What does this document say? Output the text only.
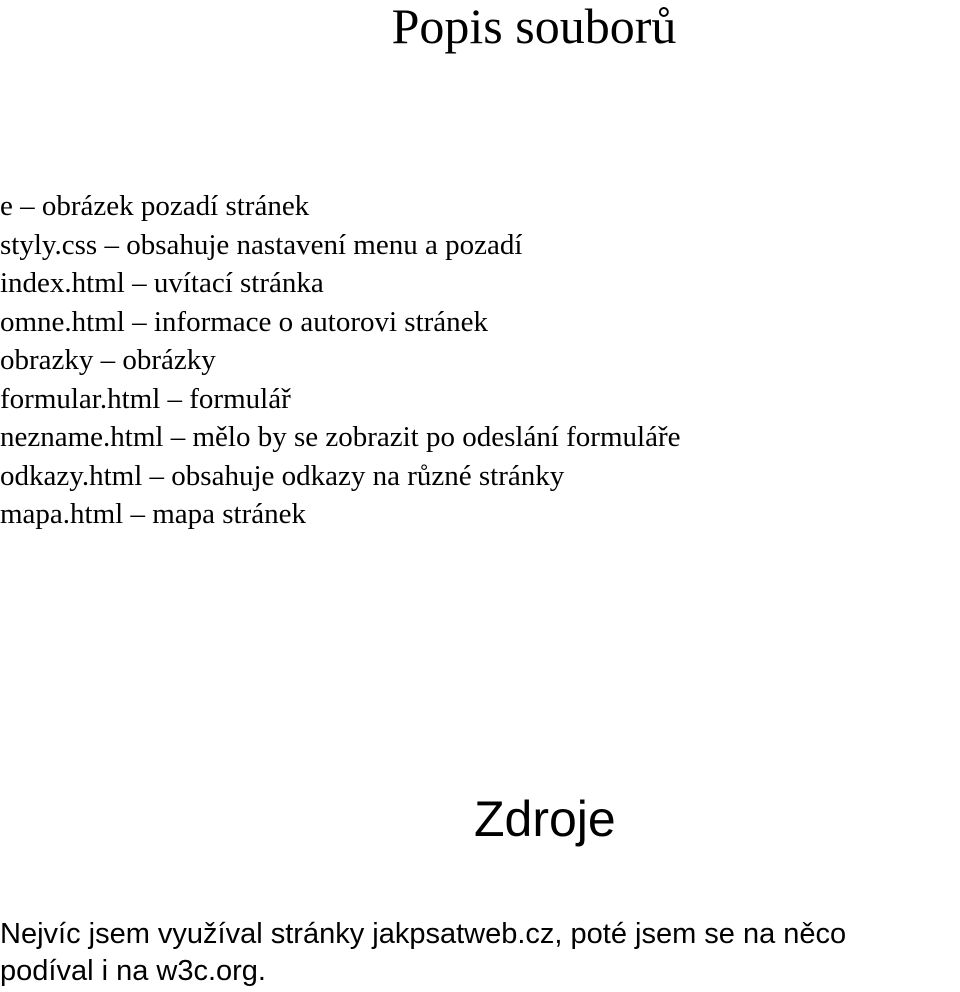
Popis souborů
e – obrázek pozadí stránek
styly.css – obsahuje nastavení menu a pozadí
index.html – uvítací stránka
omne.html – informace o autorovi stránek
obrazky – obrázky
formular.html – formulář
nezname.html – mělo by se zobrazit po odeslání formuláře
odkazy.html – obsahuje odkazy na různé stránky
mapa.html – mapa stránek
Zdroje

Nejvíc jsem využíval stránky jakpsatweb.cz, poté jsem se na něco
podíval i na w3c.org.
